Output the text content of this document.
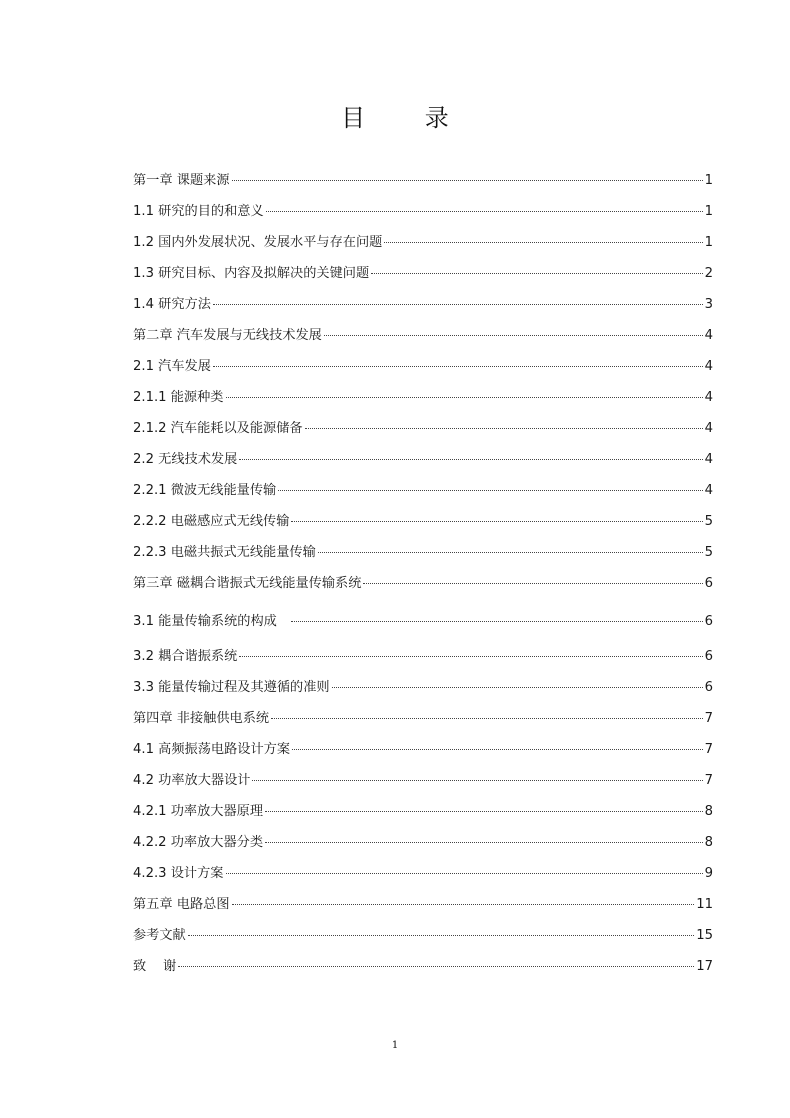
目 录
第一章 课题来源	1
1.1 研究的目的和意义	1
1.2 国内外发展状况、发展水平与存在问题	1
1.3 研究目标、内容及拟解决的关键问题	2
1.4 研究方法	3
第二章 汽车发展与无线技术发展	4
2.1 汽车发展	4
2.1.1 能源种类	4
2.1.2 汽车能耗以及能源储备	4
2.2 无线技术发展	4
2.2.1 微波无线能量传输	4
2.2.2 电磁感应式无线传输	5
2.2.3 电磁共振式无线能量传输	5
第三章 磁耦合谐振式无线能量传输系统	6
3.1 能量传输系统的构成	6
3.2 耦合谐振系统	6
3.3 能量传输过程及其遵循的准则	6
第四章 非接触供电系统	7
4.1 高频振荡电路设计方案	7
4.2 功率放大器设计	7
4.2.1 功率放大器原理	8
4.2.2 功率放大器分类	8
4.2.3 设计方案	9
第五章 电路总图	11
参考文献	15
致    谢	17
1
